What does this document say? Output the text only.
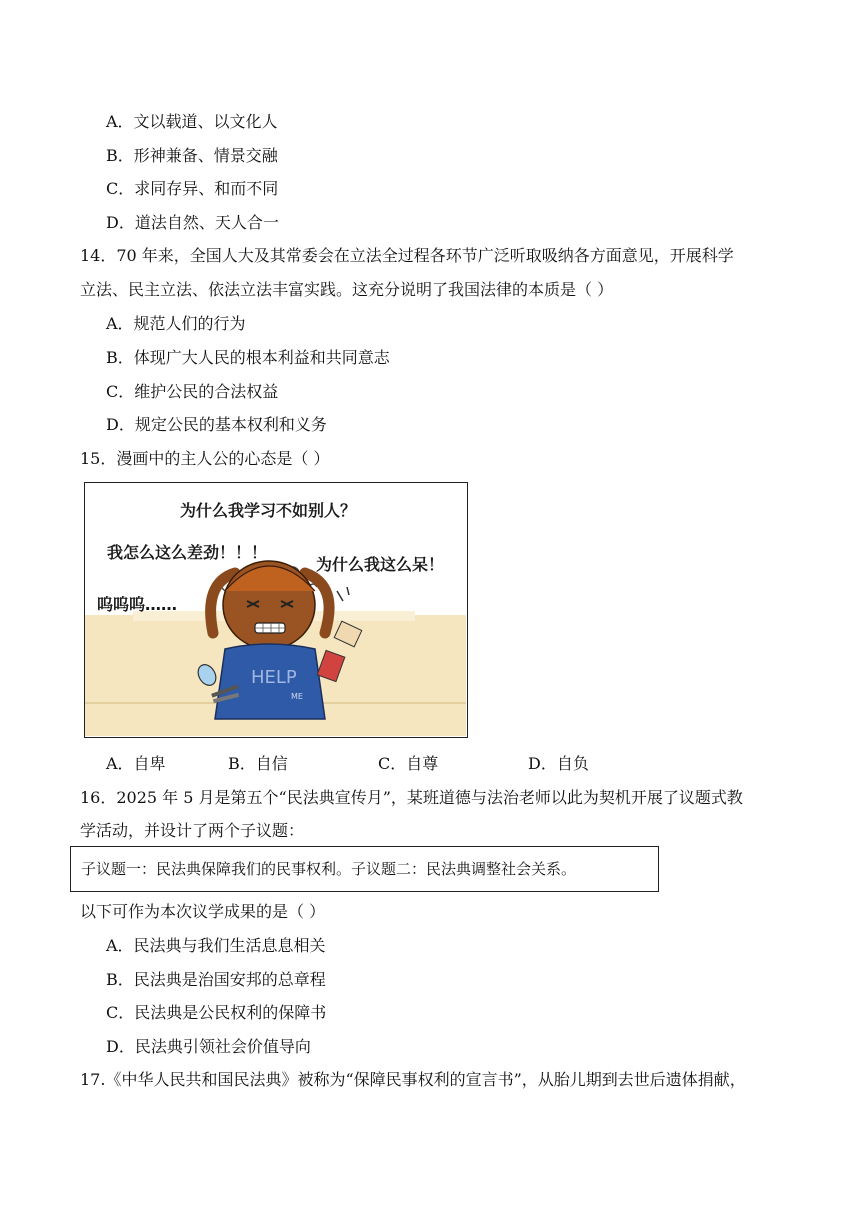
A．文以载道、以文化人
B．形神兼备、情景交融
C．求同存异、和而不同
D．道法自然、天人合一
14．70 年来，全国人大及其常委会在立法全过程各环节广泛听取吸纳各方面意见，开展科学
立法、民主立法、依法立法丰富实践。这充分说明了我国法律的本质是（ ）
A．规范人们的行为
B．体现广大人民的根本利益和共同意志
C．维护公民的合法权益
D．规定公民的基本权利和义务
15．漫画中的主人公的心态是（ ）
为什么我学习不如别人？
我怎么这么差劲！！！
为什么我这么呆！
呜呜呜……
HELP
ME
A．自卑	B．自信	C．自尊	D．自负
16．2025 年 5 月是第五个“民法典宣传月”，某班道德与法治老师以此为契机开展了议题式教
学活动，并设计了两个子议题：
子议题一：民法典保障我们的民事权利。子议题二：民法典调整社会关系。
以下可作为本次议学成果的是（ ）
A．民法典与我们生活息息相关
B．民法典是治国安邦的总章程
C．民法典是公民权利的保障书
D．民法典引领社会价值导向
17.《中华人民共和国民法典》被称为“保障民事权利的宣言书”，从胎儿期到去世后遗体捐献，
